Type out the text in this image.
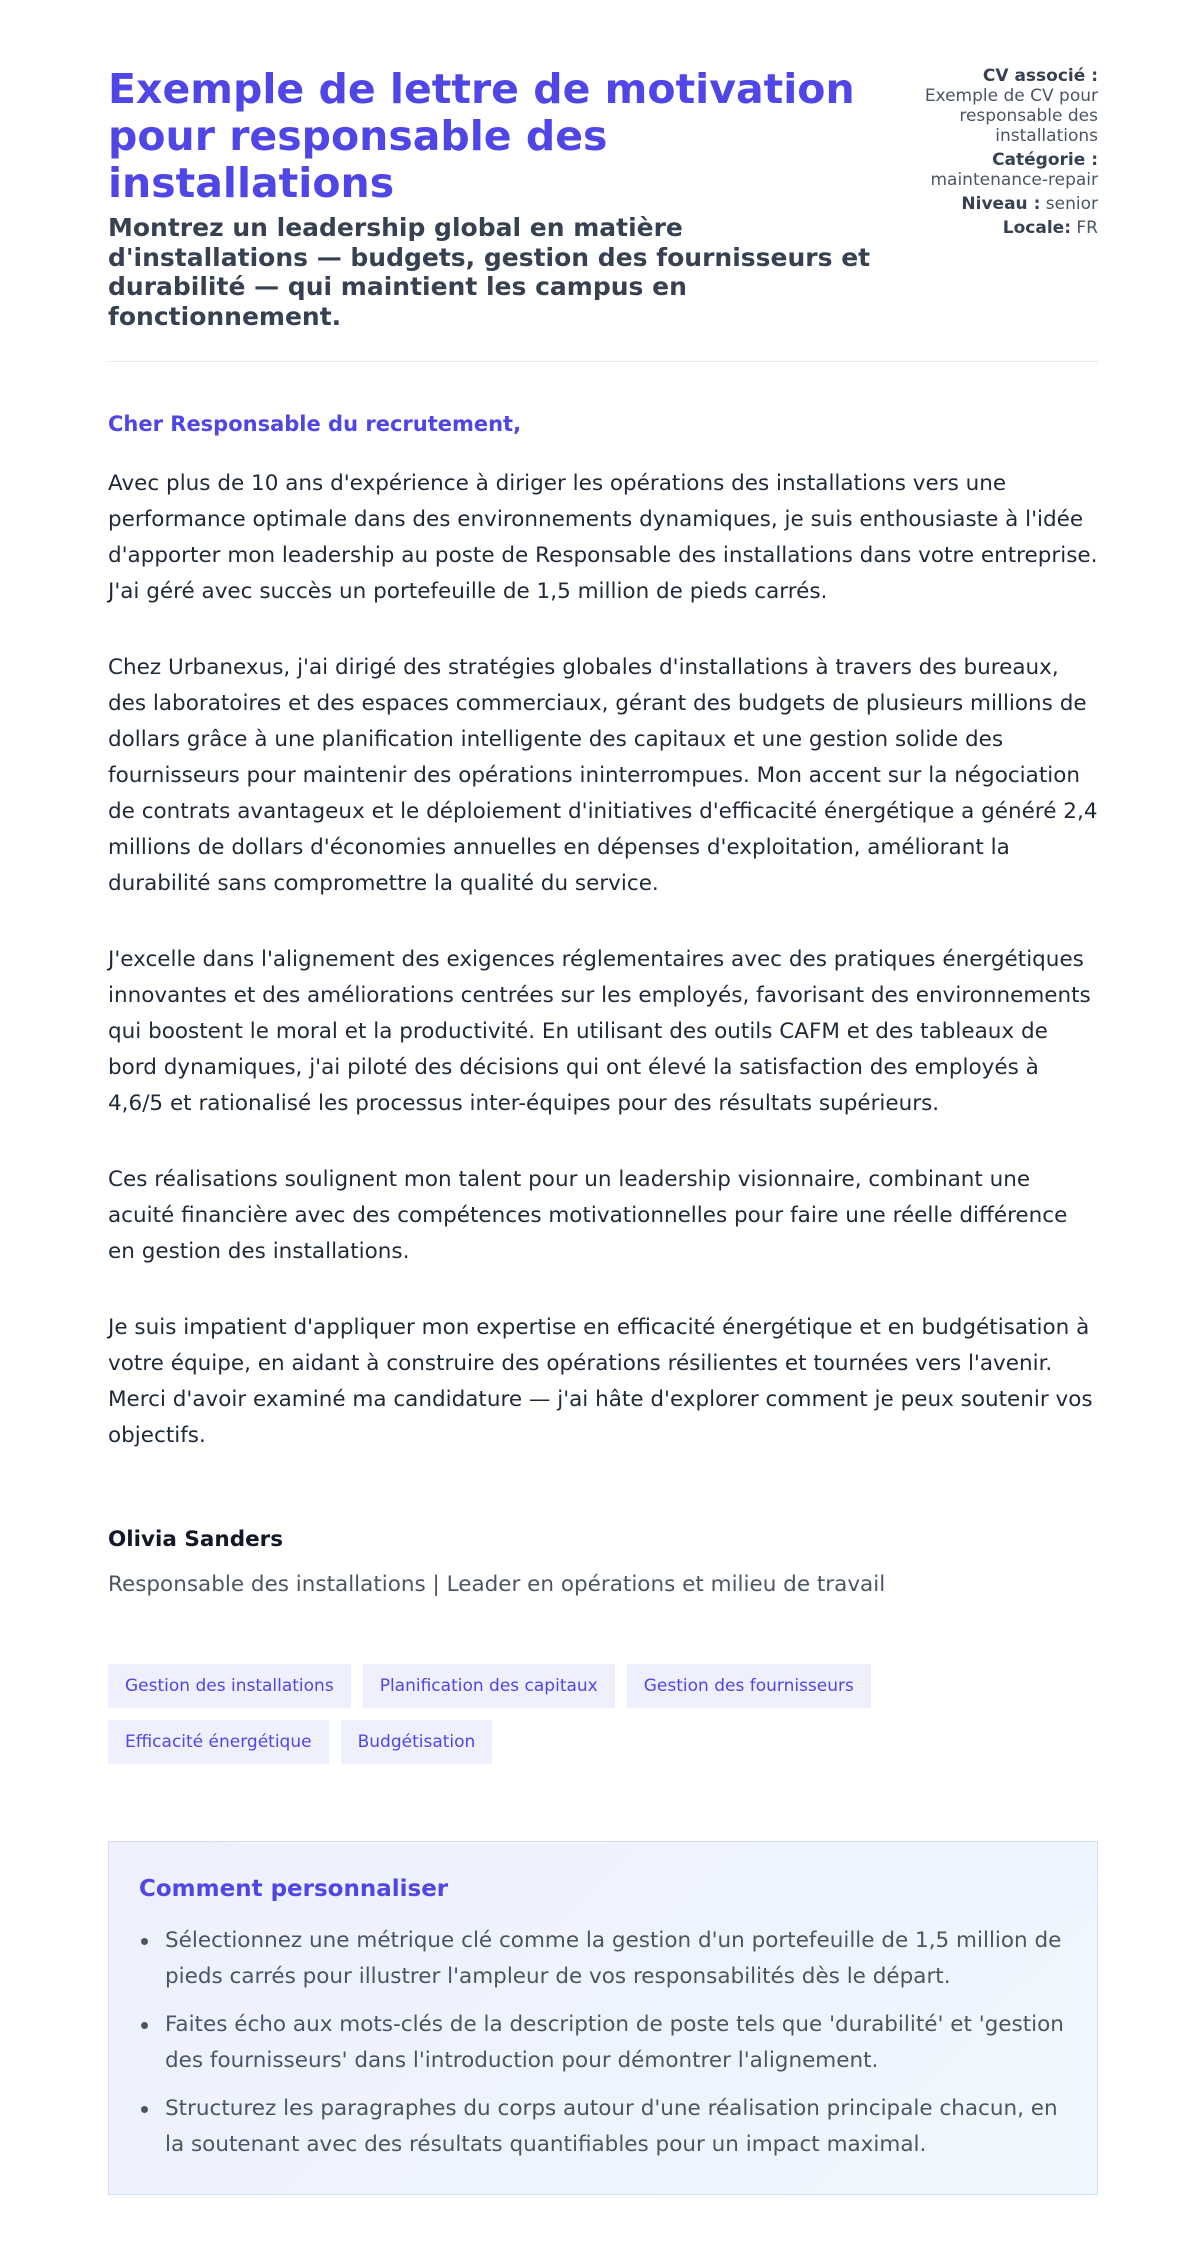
Exemple de lettre de motivation pour responsable des installations
Montrez un leadership global en matière d'installations — budgets, gestion des fournisseurs et durabilité — qui maintient les campus en fonctionnement.
CV associé :
Exemple de CV pour responsable des installations
Catégorie :
maintenance-repair
Niveau : senior
Locale: FR
Cher Responsable du recrutement,

Avec plus de 10 ans d'expérience à diriger les opérations des installations vers une performance optimale dans des environnements dynamiques, je suis enthousiaste à l'idée d'apporter mon leadership au poste de Responsable des installations dans votre entreprise. J'ai géré avec succès un portefeuille de 1,5 million de pieds carrés.

Chez Urbanexus, j'ai dirigé des stratégies globales d'installations à travers des bureaux, des laboratoires et des espaces commerciaux, gérant des budgets de plusieurs millions de dollars grâce à une planification intelligente des capitaux et une gestion solide des fournisseurs pour maintenir des opérations ininterrompues. Mon accent sur la négociation de contrats avantageux et le déploiement d'initiatives d'efficacité énergétique a généré 2,4 millions de dollars d'économies annuelles en dépenses d'exploitation, améliorant la durabilité sans compromettre la qualité du service.

J'excelle dans l'alignement des exigences réglementaires avec des pratiques énergétiques innovantes et des améliorations centrées sur les employés, favorisant des environnements qui boostent le moral et la productivité. En utilisant des outils CAFM et des tableaux de bord dynamiques, j'ai piloté des décisions qui ont élevé la satisfaction des employés à 4,6/5 et rationalisé les processus inter-équipes pour des résultats supérieurs.

Ces réalisations soulignent mon talent pour un leadership visionnaire, combinant une acuité financière avec des compétences motivationnelles pour faire une réelle différence en gestion des installations.

Je suis impatient d'appliquer mon expertise en efficacité énergétique et en budgétisation à votre équipe, en aidant à construire des opérations résilientes et tournées vers l'avenir. Merci d'avoir examiné ma candidature — j'ai hâte d'explorer comment je peux soutenir vos objectifs.

Olivia Sanders
Responsable des installations | Leader en opérations et milieu de travail
Gestion des installations	Planification des capitaux	Gestion des fournisseurs
Efficacité énergétique	Budgétisation
Comment personnaliser
Sélectionnez une métrique clé comme la gestion d'un portefeuille de 1,5 million de pieds carrés pour illustrer l'ampleur de vos responsabilités dès le départ.
Faites écho aux mots-clés de la description de poste tels que 'durabilité' et 'gestion des fournisseurs' dans l'introduction pour démontrer l'alignement.
Structurez les paragraphes du corps autour d'une réalisation principale chacun, en la soutenant avec des résultats quantifiables pour un impact maximal.
